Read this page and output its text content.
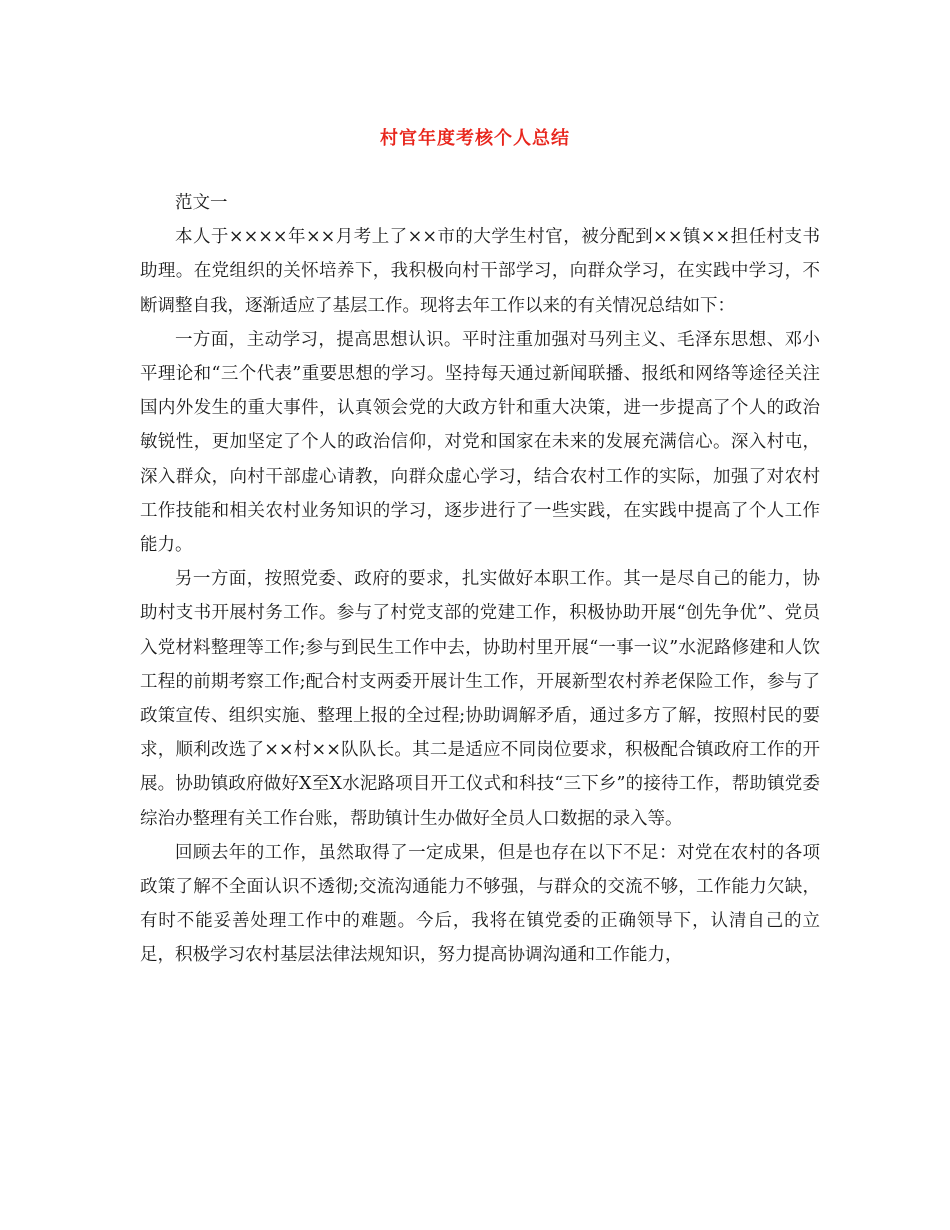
村官年度考核个人总结

范文一

本人于××××年××月考上了××市的大学生村官，被分配到××镇××担任村支书助理。在党组织的关怀培养下，我积极向村干部学习，向群众学习，在实践中学习，不断调整自我，逐渐适应了基层工作。现将去年工作以来的有关情况总结如下：

一方面，主动学习，提高思想认识。平时注重加强对马列主义、毛泽东思想、邓小平理论和“三个代表”重要思想的学习。坚持每天通过新闻联播、报纸和网络等途径关注国内外发生的重大事件，认真领会党的大政方针和重大决策，进一步提高了个人的政治敏锐性，更加坚定了个人的政治信仰，对党和国家在未来的发展充满信心。深入村屯，深入群众，向村干部虚心请教，向群众虚心学习，结合农村工作的实际，加强了对农村工作技能和相关农村业务知识的学习，逐步进行了一些实践，在实践中提高了个人工作能力。

另一方面，按照党委、政府的要求，扎实做好本职工作。其一是尽自己的能力，协助村支书开展村务工作。参与了村党支部的党建工作，积极协助开展“创先争优”、党员入党材料整理等工作;参与到民生工作中去，协助村里开展“一事一议”水泥路修建和人饮工程的前期考察工作;配合村支两委开展计生工作，开展新型农村养老保险工作，参与了政策宣传、组织实施、整理上报的全过程;协助调解矛盾，通过多方了解，按照村民的要求，顺利改选了××村××队队长。其二是适应不同岗位要求，积极配合镇政府工作的开展。协助镇政府做好X至X水泥路项目开工仪式和科技“三下乡”的接待工作，帮助镇党委综治办整理有关工作台账，帮助镇计生办做好全员人口数据的录入等。

回顾去年的工作，虽然取得了一定成果，但是也存在以下不足：对党在农村的各项政策了解不全面认识不透彻;交流沟通能力不够强，与群众的交流不够，工作能力欠缺，有时不能妥善处理工作中的难题。今后，我将在镇党委的正确领导下，认清自己的立足，积极学习农村基层法律法规知识，努力提高协调沟通和工作能力，
